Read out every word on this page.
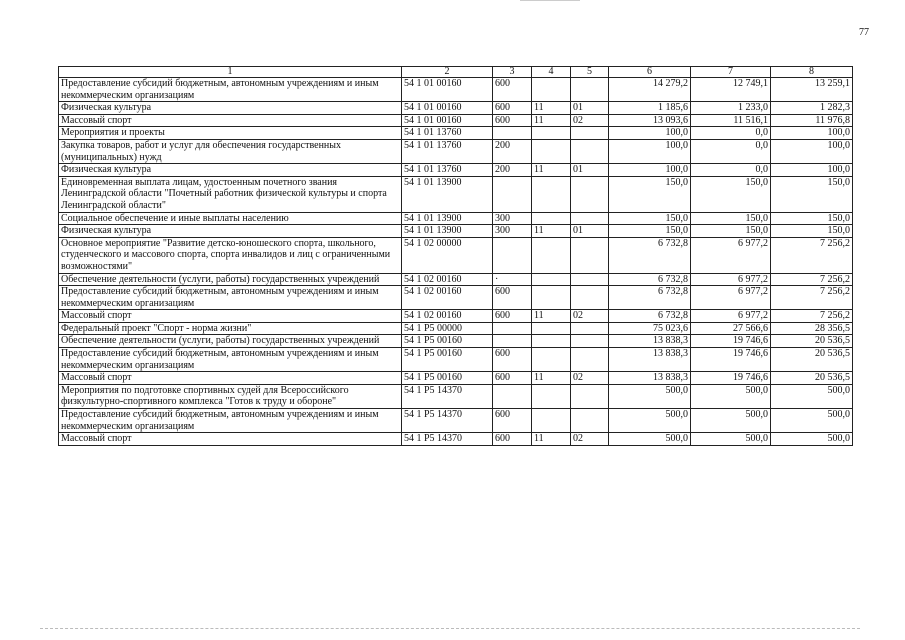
77
1	2	3	4	5	6	7	8
Предоставление субсидий бюджетным, автономным учреждениям и иным некоммерческим организациям	54 1 01 00160	600			14 279,2	12 749,1	13 259,1
Физическая культура	54 1 01 00160	600	11	01	1 185,6	1 233,0	1 282,3
Массовый спорт	54 1 01 00160	600	11	02	13 093,6	11 516,1	11 976,8
Мероприятия и проекты	54 1 01 13760				100,0	0,0	100,0
Закупка товаров, работ и услуг для обеспечения государственных (муниципальных) нужд	54 1 01 13760	200			100,0	0,0	100,0
Физическая культура	54 1 01 13760	200	11	01	100,0	0,0	100,0
Единовременная выплата лицам, удостоенным почетного звания Ленинградской области "Почетный работник физической культуры и спорта Ленинградской области"	54 1 01 13900				150,0	150,0	150,0
Социальное обеспечение и иные выплаты населению	54 1 01 13900	300			150,0	150,0	150,0
Физическая культура	54 1 01 13900	300	11	01	150,0	150,0	150,0
Основное мероприятие "Развитие детско-юношеского спорта, школьного, студенческого и массового спорта, спорта инвалидов и лиц с ограниченными возможностями"	54 1 02 00000				6 732,8	6 977,2	7 256,2
Обеспечение деятельности (услуги, работы) государственных учреждений	54 1 02 00160	·			6 732,8	6 977,2	7 256,2
Предоставление субсидий бюджетным, автономным учреждениям и иным некоммерческим организациям	54 1 02 00160	600			6 732,8	6 977,2	7 256,2
Массовый спорт	54 1 02 00160	600	11	02	6 732,8	6 977,2	7 256,2
Федеральный проект "Спорт - норма жизни"	54 1 P5 00000				75 023,6	27 566,6	28 356,5
Обеспечение деятельности (услуги, работы) государственных учреждений	54 1 P5 00160				13 838,3	19 746,6	20 536,5
Предоставление субсидий бюджетным, автономным учреждениям и иным некоммерческим организациям	54 1 P5 00160	600			13 838,3	19 746,6	20 536,5
Массовый спорт	54 1 P5 00160	600	11	02	13 838,3	19 746,6	20 536,5
Мероприятия по подготовке спортивных судей для Всероссийского физкультурно-спортивного комплекса "Готов к труду и обороне"	54 1 P5 14370				500,0	500,0	500,0
Предоставление субсидий бюджетным, автономным учреждениям и иным некоммерческим организациям	54 1 P5 14370	600			500,0	500,0	500,0
Массовый спорт	54 1 P5 14370	600	11	02	500,0	500,0	500,0
